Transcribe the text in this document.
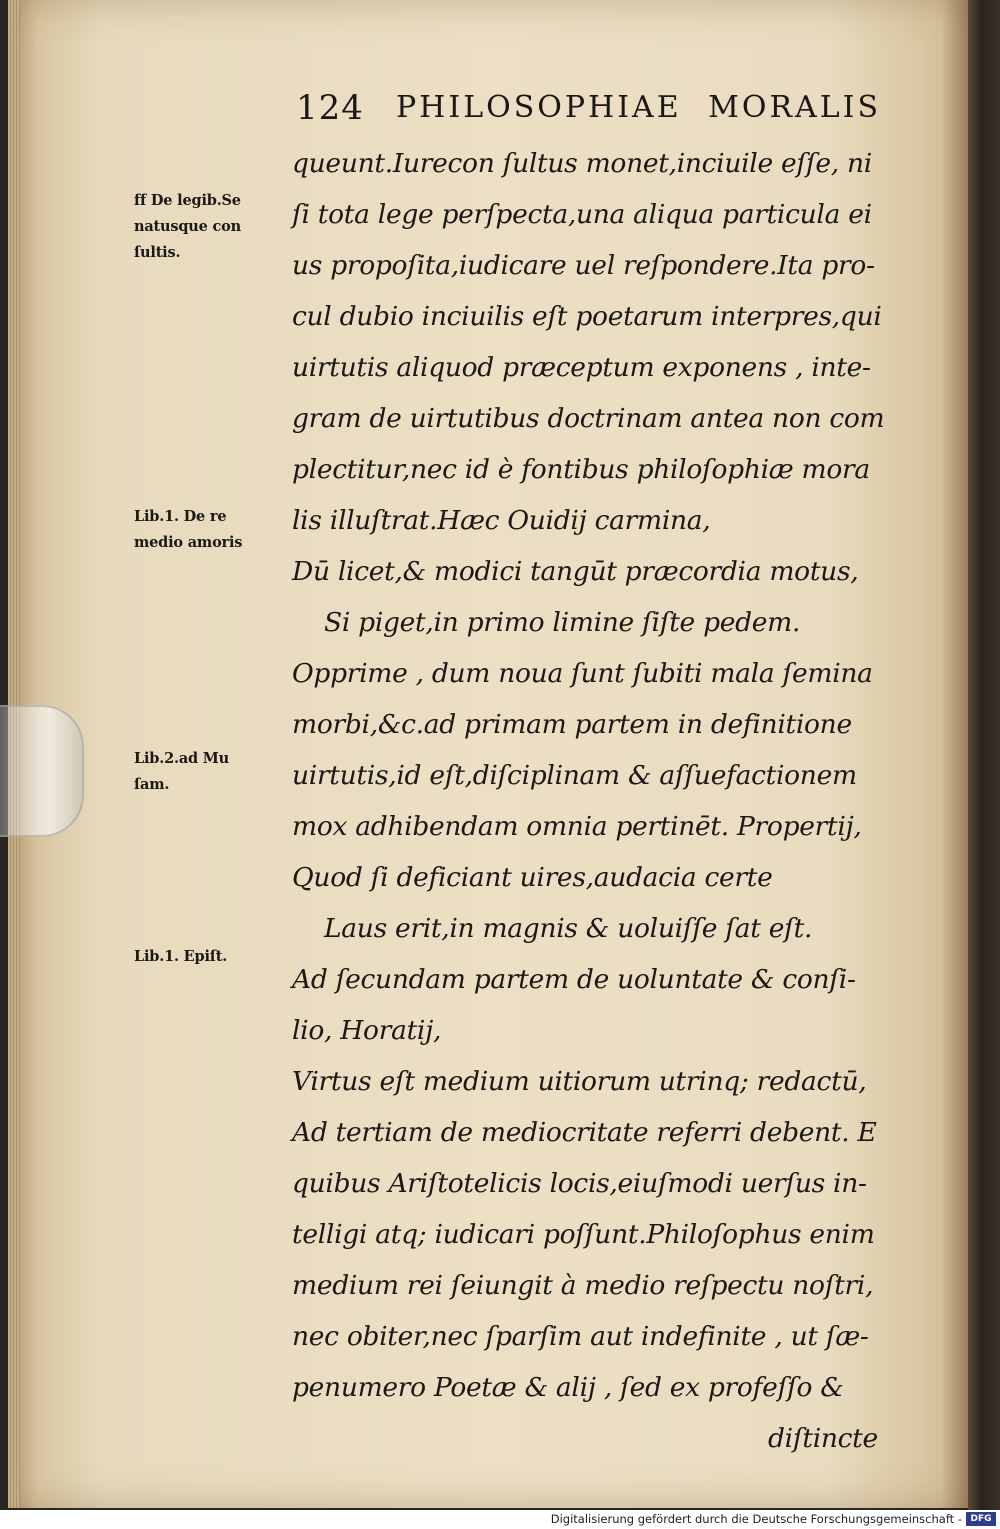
124 PHILOSOPHIAE MORALIS
queunt.Iurecon ſultus monet,inciuile eſſe, ni
ſi tota lege perſpecta,una aliqua particula ei
us propoſita,iudicare uel reſpondere.Ita pro-
cul dubio inciuilis eſt poetarum interpres,qui
uirtutis aliquod præceptum exponens , inte-
gram de uirtutibus doctrinam antea non com
plectitur,nec id è fontibus philoſophiæ mora
lis illuſtrat.Hæc Ouidij carmina,
Dū licet,& modici tangūt præcordia motus,
Si piget,in primo limine ſiſte pedem.
Opprime , dum noua ſunt ſubiti mala ſemina
morbi,&c.ad primam partem in definitione
uirtutis,id eſt,diſciplinam & aſſuefactionem
mox adhibendam omnia pertinēt. Propertij,
Quod ſi deficiant uires,audacia certe
Laus erit,in magnis & uoluiſſe ſat eſt.
Ad ſecundam partem de uoluntate & conſi-
lio, Horatij,
Virtus eſt medium uitiorum utrinq; redactū,
Ad tertiam de mediocritate referri debent. E
quibus Ariſtotelicis locis,eiuſmodi uerſus in-
telligi atq; iudicari poſſunt.Philoſophus enim
medium rei ſeiungit à medio reſpectu noſtri,
nec obiter,nec ſparſim aut indefinite , ut ſæ-
penumero Poetæ & alij , ſed ex profeſſo &
diſtincte
ff De legib.Se
natusque con
ſultis.
Lib.1. De re
medio amoris
Lib.2.ad Mu
ſam.
Lib.1. Epiſt.
Digitalisierung gefördert durch die Deutsche Forschungsgemeinschaft - DFG
